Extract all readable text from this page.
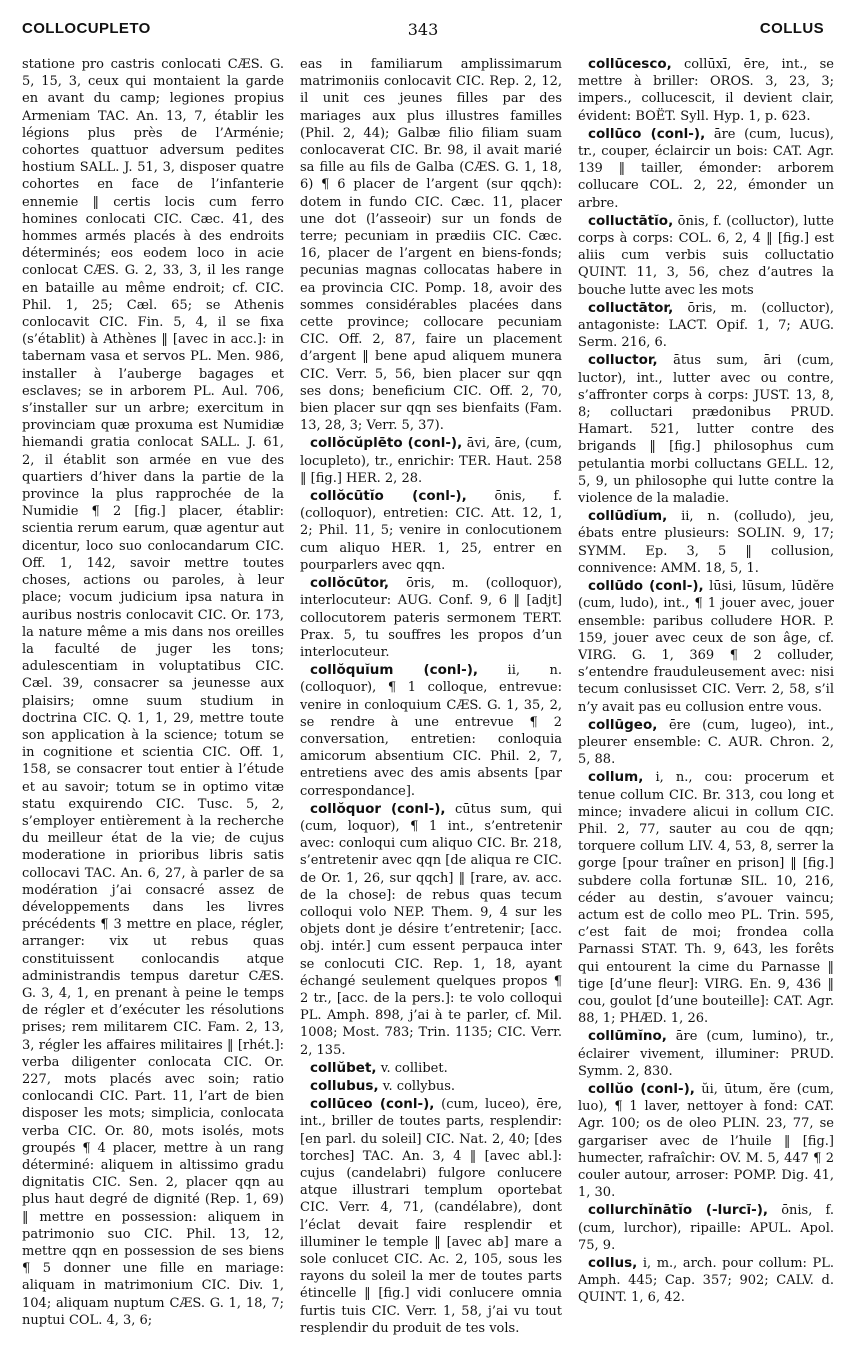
COLLOCUPLETO	343	COLLUS

statione pro castris conlocati CÆS. G. 5, 15, 3, ceux qui montaient la garde en avant du camp; legiones propius Armeniam TAC. An. 13, 7, établir les légions plus près de l’Arménie; cohortes quattuor adversum pedites hostium SALL. J. 51, 3, disposer quatre cohortes en face de l’infanterie ennemie ‖ certis locis cum ferro homines conlocati CIC. Cæc. 41, des hommes armés placés à des endroits déterminés; eos eodem loco in acie conlocat CÆS. G. 2, 33, 3, il les range en bataille au même endroit; cf. CIC. Phil. 1, 25; Cæl. 65; se Athenis conlocavit CIC. Fin. 5, 4, il se fixa (s’établit) à Athènes ‖ [avec in acc.]: in tabernam vasa et servos PL. Men. 986, installer à l’auberge bagages et esclaves; se in arborem PL. Aul. 706, s’installer sur un arbre; exercitum in provinciam quæ proxuma est Numidiæ hiemandi gratia conlocat SALL. J. 61, 2, il établit son armée en vue des quartiers d’hiver dans la partie de la province la plus rapprochée de la Numidie ¶ 2 [fig.] placer, établir: scientia rerum earum, quæ agentur aut dicentur, loco suo conlocandarum CIC. Off. 1, 142, savoir mettre toutes choses, actions ou paroles, à leur place; vocum judicium ipsa natura in auribus nostris conlocavit CIC. Or. 173, la nature même a mis dans nos oreilles la faculté de juger les tons; adulescentiam in voluptatibus CIC. Cæl. 39, consacrer sa jeunesse aux plaisirs; omne suum studium in doctrina CIC. Q. 1, 1, 29, mettre toute son application à la science; totum se in cognitione et scientia CIC. Off. 1, 158, se consacrer tout entier à l’étude et au savoir; totum se in optimo vitæ statu exquirendo CIC. Tusc. 5, 2, s’employer entièrement à la recherche du meilleur état de la vie; de cujus moderatione in prioribus libris satis collocavi TAC. An. 6, 27, à parler de sa modération j’ai consacré assez de développements dans les livres précédents ¶ 3 mettre en place, régler, arranger: vix ut rebus quas constituissent conlocandis atque administrandis tempus daretur CÆS. G. 3, 4, 1, en prenant à peine le temps de régler et d’exécuter les résolutions prises; rem militarem CIC. Fam. 2, 13, 3, régler les affaires militaires ‖ [rhét.]: verba diligenter conlocata CIC. Or. 227, mots placés avec soin; ratio conlocandi CIC. Part. 11, l’art de bien disposer les mots; simplicia, conlocata verba CIC. Or. 80, mots isolés, mots groupés ¶ 4 placer, mettre à un rang déterminé: aliquem in altissimo gradu dignitatis CIC. Sen. 2, placer qqn au plus haut degré de dignité (Rep. 1, 69) ‖ mettre en possession: aliquem in patrimonio suo CIC. Phil. 13, 12, mettre qqn en possession de ses biens ¶ 5 donner une fille en mariage: aliquam in matrimonium CIC. Div. 1, 104; aliquam nuptum CÆS. G. 1, 18, 7; nuptui COL. 4, 3, 6;

eas in familiarum amplissimarum matrimoniis conlocavit CIC. Rep. 2, 12, il unit ces jeunes filles par des mariages aux plus illustres familles (Phil. 2, 44); Galbæ filio filiam suam conlocaverat CIC. Br. 98, il avait marié sa fille au fils de Galba (CÆS. G. 1, 18, 6) ¶ 6 placer de l’argent (sur qqch): dotem in fundo CIC. Cæc. 11, placer une dot (l’asseoir) sur un fonds de terre; pecuniam in prædiis CIC. Cæc. 16, placer de l’argent en biens-fonds; pecunias magnas collocatas habere in ea provincia CIC. Pomp. 18, avoir des sommes considérables placées dans cette province; collocare pecuniam CIC. Off. 2, 87, faire un placement d’argent ‖ bene apud aliquem munera CIC. Verr. 5, 56, bien placer sur qqn ses dons; beneficium CIC. Off. 2, 70, bien placer sur qqn ses bienfaits (Fam. 13, 28, 3; Verr. 5, 37).

collŏcŭplēto (conl-), āvi, āre, (cum, locupleto), tr., enrichir: TER. Haut. 258 ‖ [fig.] HER. 2, 28.

collŏcūtĭo (conl-), ōnis, f. (colloquor), entretien: CIC. Att. 12, 1, 2; Phil. 11, 5; venire in conlocutionem cum aliquo HER. 1, 25, entrer en pourparlers avec qqn.

collŏcūtor, ōris, m. (colloquor), interlocuteur: AUG. Conf. 9, 6 ‖ [adjt] collocutorem pateris sermonem TERT. Prax. 5, tu souffres les propos d’un interlocuteur.

collŏquĭum (conl-), ii, n. (colloquor), ¶ 1 colloque, entrevue: venire in conloquium CÆS. G. 1, 35, 2, se rendre à une entrevue ¶ 2 conversation, entretien: conloquia amicorum absentium CIC. Phil. 2, 7, entretiens avec des amis absents [par correspondance].

collŏquor (conl-), cūtus sum, qui (cum, loquor), ¶ 1 int., s’entretenir avec: conloqui cum aliquo CIC. Br. 218, s’entretenir avec qqn [de aliqua re CIC. de Or. 1, 26, sur qqch] ‖ [rare, av. acc. de la chose]: de rebus quas tecum colloqui volo NEP. Them. 9, 4 sur les objets dont je désire t’entretenir; [acc. obj. intér.] cum essent perpauca inter se conlocuti CIC. Rep. 1, 18, ayant échangé seulement quelques propos ¶ 2 tr., [acc. de la pers.]: te volo colloqui PL. Amph. 898, j’ai à te parler, cf. Mil. 1008; Most. 783; Trin. 1135; CIC. Verr. 2, 135.

collŭbet, v. collibet.

collubus, v. collybus.

collūceo (conl-), (cum, luceo), ēre, int., briller de toutes parts, resplendir: [en parl. du soleil] CIC. Nat. 2, 40; [des torches] TAC. An. 3, 4 ‖ [avec abl.]: cujus (candelabri) fulgore conlucere atque illustrari templum oportebat CIC. Verr. 4, 71, (candélabre), dont l’éclat devait faire resplendir et illuminer le temple ‖ [avec ab] mare a sole conlucet CIC. Ac. 2, 105, sous les rayons du soleil la mer de toutes parts étincelle ‖ [fig.] vidi conlucere omnia furtis tuis CIC. Verr. 1, 58, j’ai vu tout resplendir du produit de tes vols.

collūcesco, collūxī, ēre, int., se mettre à briller: OROS. 3, 23, 3; impers., collucescit, il devient clair, évident: BOËT. Syll. Hyp. 1, p. 623.

collūco (conl-), āre (cum, lucus), tr., couper, éclaircir un bois: CAT. Agr. 139 ‖ tailler, émonder: arborem collucare COL. 2, 22, émonder un arbre.

colluctātĭo, ōnis, f. (colluctor), lutte corps à corps: COL. 6, 2, 4 ‖ [fig.] est aliis cum verbis suis colluctatio QUINT. 11, 3, 56, chez d’autres la bouche lutte avec les mots

colluctātor, ōris, m. (colluctor), antagoniste: LACT. Opif. 1, 7; AUG. Serm. 216, 6.

colluctor, ātus sum, āri (cum, luctor), int., lutter avec ou contre, s’affronter corps à corps: JUST. 13, 8, 8; colluctari prædonibus PRUD. Hamart. 521, lutter contre des brigands ‖ [fig.] philosophus cum petulantia morbi colluctans GELL. 12, 5, 9, un philosophe qui lutte contre la violence de la maladie.

collūdĭum, ii, n. (colludo), jeu, ébats entre plusieurs: SOLIN. 9, 17; SYMM. Ep. 3, 5 ‖ collusion, connivence: AMM. 18, 5, 1.

collūdo (conl-), lūsi, lūsum, lūdĕre (cum, ludo), int., ¶ 1 jouer avec, jouer ensemble: paribus colludere HOR. P. 159, jouer avec ceux de son âge, cf. VIRG. G. 1, 369 ¶ 2 colluder, s’entendre frauduleusement avec: nisi tecum conlusisset CIC. Verr. 2, 58, s’il n’y avait pas eu collusion entre vous.

collūgeo, ēre (cum, lugeo), int., pleurer ensemble: C. AUR. Chron. 2, 5, 88.

collum, i, n., cou: procerum et tenue collum CIC. Br. 313, cou long et mince; invadere alicui in collum CIC. Phil. 2, 77, sauter au cou de qqn; torquere collum LIV. 4, 53, 8, serrer la gorge [pour traîner en prison] ‖ [fig.] subdere colla fortunæ SIL. 10, 216, céder au destin, s’avouer vaincu; actum est de collo meo PL. Trin. 595, c’est fait de moi; frondea colla Parnassi STAT. Th. 9, 643, les forêts qui entourent la cime du Parnasse ‖ tige [d’une fleur]: VIRG. En. 9, 436 ‖ cou, goulot [d’une bouteille]: CAT. Agr. 88, 1; PHÆD. 1, 26.

collūmĭno, āre (cum, lumino), tr., éclairer vivement, illuminer: PRUD. Symm. 2, 830.

collŭo (conl-), ŭi, ūtum, ĕre (cum, luo), ¶ 1 laver, nettoyer à fond: CAT. Agr. 100; os de oleo PLIN. 23, 77, se gargariser avec de l’huile ‖ [fig.] humecter, rafraîchir: OV. M. 5, 447 ¶ 2 couler autour, arroser: POMP. Dig. 41, 1, 30.

collurchĭnātĭo (-lurcī-), ōnis, f. (cum, lurchor), ripaille: APUL. Apol. 75, 9.

collus, i, m., arch. pour collum: PL. Amph. 445; Cap. 357; 902; CALV. d. QUINT. 1, 6, 42.
